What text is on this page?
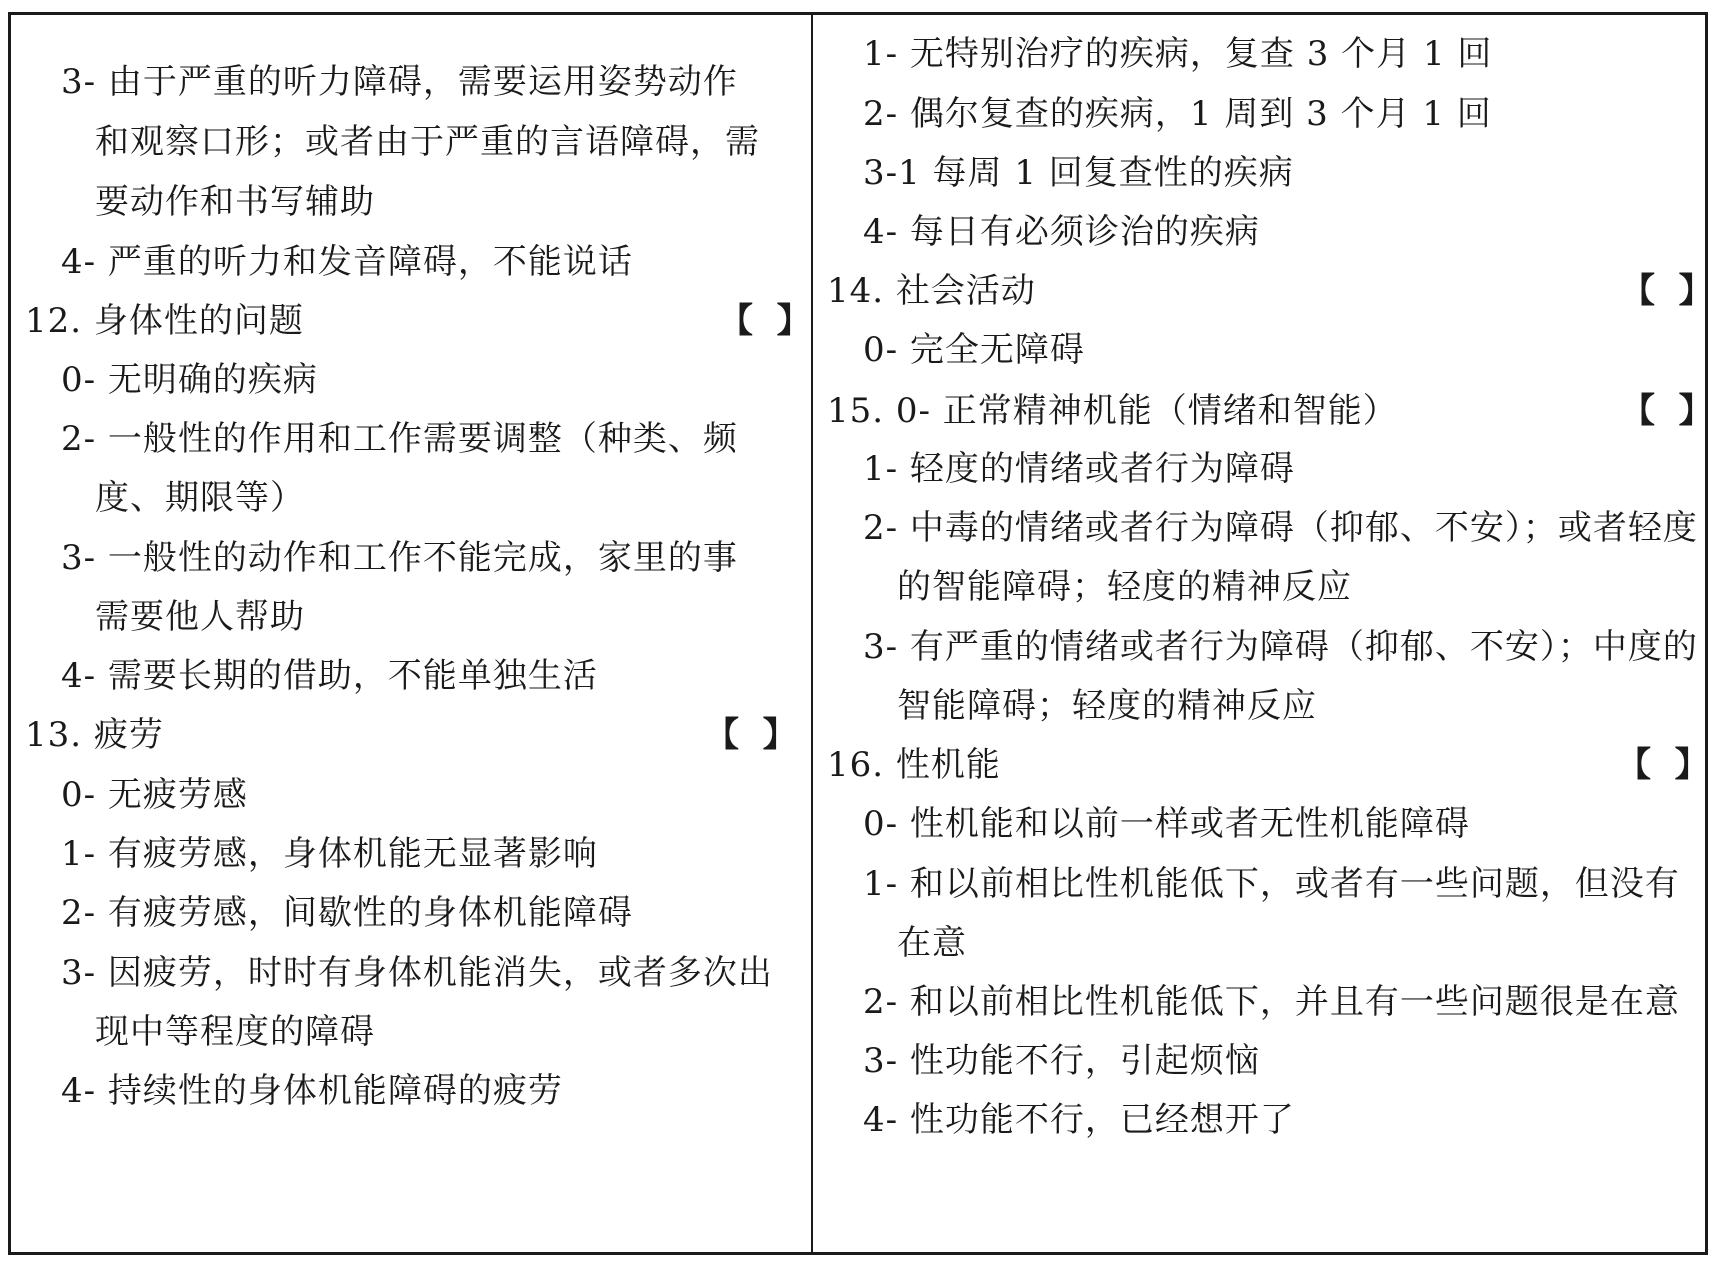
3- 由于严重的听力障碍，需要运用姿势动作
和观察口形；或者由于严重的言语障碍，需
要动作和书写辅助
4- 严重的听力和发音障碍，不能说话
12. 身体性的问题	【  】
0- 无明确的疾病
2- 一般性的作用和工作需要调整（种类、频
度、期限等）
3- 一般性的动作和工作不能完成，家里的事
需要他人帮助
4- 需要长期的借助，不能单独生活
13. 疲劳	【  】
0- 无疲劳感
1- 有疲劳感，身体机能无显著影响
2- 有疲劳感，间歇性的身体机能障碍
3- 因疲劳，时时有身体机能消失，或者多次出
现中等程度的障碍
4- 持续性的身体机能障碍的疲劳
1- 无特别治疗的疾病，复查 3 个月 1 回
2- 偶尔复查的疾病，1 周到 3 个月 1 回
3-1 每周 1 回复查性的疾病
4- 每日有必须诊治的疾病
14. 社会活动	【  】
0- 完全无障碍
15. 0- 正常精神机能（情绪和智能）	【  】
1- 轻度的情绪或者行为障碍
2- 中毒的情绪或者行为障碍（抑郁、不安）；或者轻度
的智能障碍；轻度的精神反应
3- 有严重的情绪或者行为障碍（抑郁、不安）；中度的
智能障碍；轻度的精神反应
16. 性机能	【  】
0- 性机能和以前一样或者无性机能障碍
1- 和以前相比性机能低下，或者有一些问题，但没有
在意
2- 和以前相比性机能低下，并且有一些问题很是在意
3- 性功能不行，引起烦恼
4- 性功能不行，已经想开了
